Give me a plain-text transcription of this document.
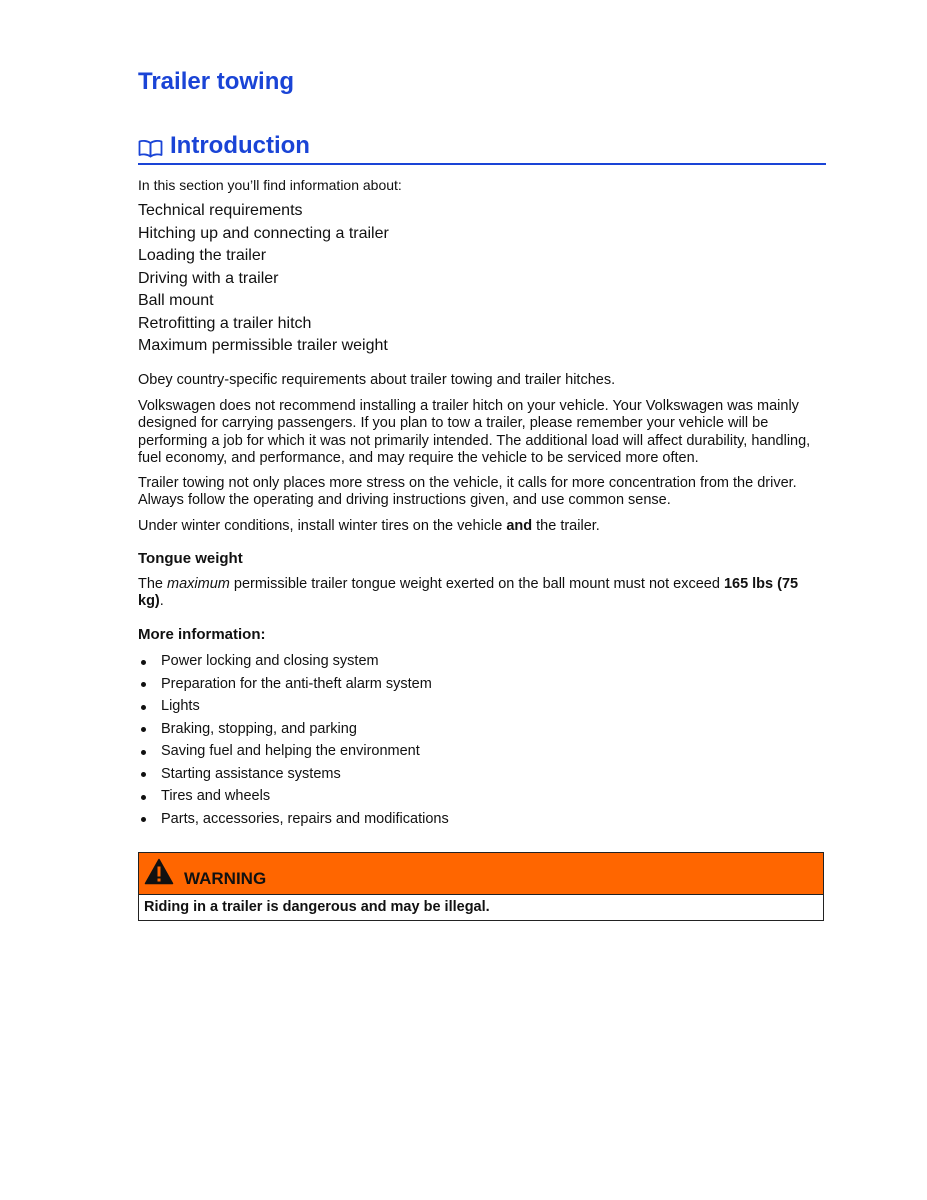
Trailer towing
Introduction

In this section you’ll find information about:

Technical requirements
Hitching up and connecting a trailer
Loading the trailer
Driving with a trailer
Ball mount
Retrofitting a trailer hitch
Maximum permissible trailer weight

Obey country-specific requirements about trailer towing and trailer hitches.

Volkswagen does not recommend installing a trailer hitch on your vehicle. Your Volkswagen was mainly designed for carrying passengers. If you plan to tow a trailer, please remember your vehicle will be performing a job for which it was not primarily intended. The additional load will affect durability, handling, fuel economy, and performance, and may require the vehicle to be serviced more often.

Trailer towing not only places more stress on the vehicle, it calls for more concentration from the driver. Always follow the operating and driving instructions given, and use common sense.

Under winter conditions, install winter tires on the vehicle and the trailer.

Tongue weight

The maximum permissible trailer tongue weight exerted on the ball mount must not exceed 165 lbs (75 kg).

More information:
Power locking and closing system
Preparation for the anti-theft alarm system
Lights
Braking, stopping, and parking
Saving fuel and helping the environment
Starting assistance systems
Tires and wheels
Parts, accessories, repairs and modifications
WARNING
Riding in a trailer is dangerous and may be illegal.
